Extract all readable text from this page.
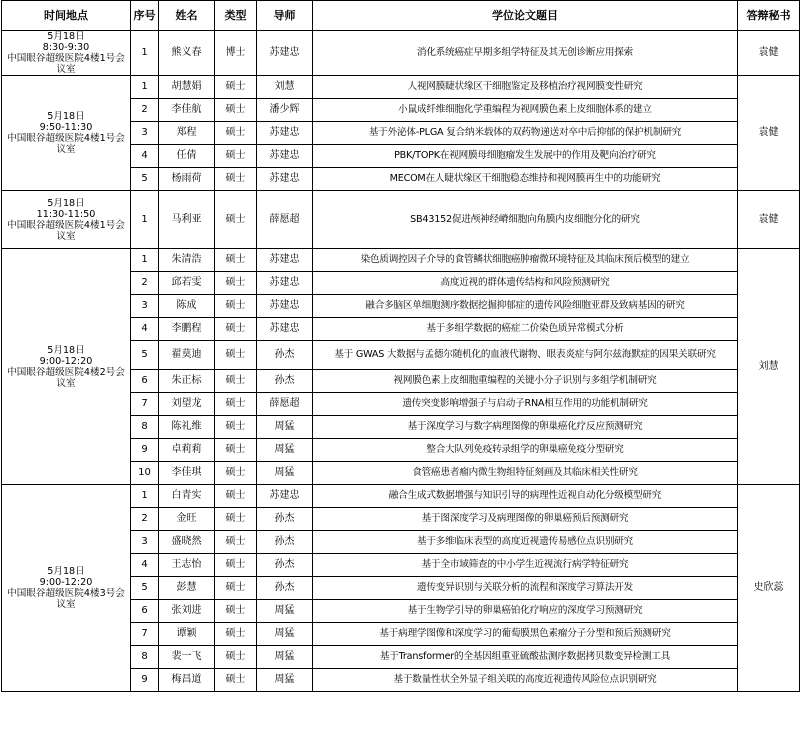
时间地点	序号	姓名	类型	导师	学位论文题目	答辩秘书

5月18日
8:30-9:30
中国眼谷超级医院4楼1号会议室	1	熊义春	博士	苏建忠	消化系统癌症早期多组学特征及其无创诊断应用探索	袁健

5月18日
9:50-11:30
中国眼谷超级医院4楼1号会议室	1	胡慧娟	硕士	刘慧	人视网膜睫状缘区干细胞鉴定及移植治疗视网膜变性研究	袁健
	2	李佳航	硕士	潘少辉	小鼠成纤维细胞化学重编程为视网膜色素上皮细胞体系的建立	
	3	郑程	硕士	苏建忠	基于外泌体-PLGA 复合纳米载体的双药物递送对卒中后抑郁的保护机制研究	
	4	任倩	硕士	苏建忠	PBK/TOPK在视网膜母细胞瘤发生发展中的作用及靶向治疗研究	
	5	杨雨荷	硕士	苏建忠	MECOM在人睫状缘区干细胞稳态维持和视网膜再生中的功能研究	

5月18日
11:30-11:50
中国眼谷超级医院4楼1号会议室	1	马利亚	硕士	薛愿超	SB43152促进颅神经嵴细胞向角膜内皮细胞分化的研究	袁健

5月18日
9:00-12:20
中国眼谷超级医院4楼2号会议室	1	朱清浩	硕士	苏建忠	染色质调控因子介导的食管鳞状细胞癌肿瘤微环境特征及其临床预后模型的建立	刘慧
	2	邱若雯	硕士	苏建忠	高度近视的群体遗传结构和风险预测研究	
	3	陈成	硕士	苏建忠	融合多脑区单细胞测序数据挖掘抑郁症的遗传风险细胞亚群及致病基因的研究	
	4	李鹏程	硕士	苏建忠	基于多组学数据的癌症二价染色质异常模式分析	
	5	翟莫迪	硕士	孙杰	基于 GWAS 大数据与孟德尔随机化的血液代谢物、眼表炎症与阿尔兹海默症的因果关联研究	
	6	朱正标	硕士	孙杰	视网膜色素上皮细胞重编程的关键小分子识别与多组学机制研究	
	7	刘望龙	硕士	薛愿超	遗传突变影响增强子与启动子RNA相互作用的功能机制研究	
	8	陈礼维	硕士	周猛	基于深度学习与数字病理图像的卵巢癌化疗反应预测研究	
	9	卓莉莉	硕士	周猛	整合大队列免疫转录组学的卵巢癌免疫分型研究	
	10	李佳琪	硕士	周猛	食管癌患者瘤内微生物组特征刻画及其临床相关性研究	

5月18日
9:00-12:20
中国眼谷超级医院4楼3号会议室	1	白青实	硕士	苏建忠	融合生成式数据增强与知识引导的病理性近视自动化分级模型研究	史欣蕊
	2	金旺	硕士	孙杰	基于图深度学习及病理图像的卵巢癌预后预测研究	
	3	盛晓然	硕士	孙杰	基于多维临床表型的高度近视遗传易感位点识别研究	
	4	王志怡	硕士	孙杰	基于全市域筛查的中小学生近视流行病学特征研究	
	5	彭慧	硕士	孙杰	遗传变异识别与关联分析的流程和深度学习算法开发	
	6	张刘进	硕士	周猛	基于生物学引导的卵巢癌铂化疗响应的深度学习预测研究	
	7	谭颖	硕士	周猛	基于病理学图像和深度学习的葡萄膜黑色素瘤分子分型和预后预测研究	
	8	裴一飞	硕士	周猛	基于Transformer的全基因组重亚硫酸盐测序数据拷贝数变异检测工具	
	9	梅昌道	硕士	周猛	基于数量性状全外显子组关联的高度近视遗传风险位点识别研究	
